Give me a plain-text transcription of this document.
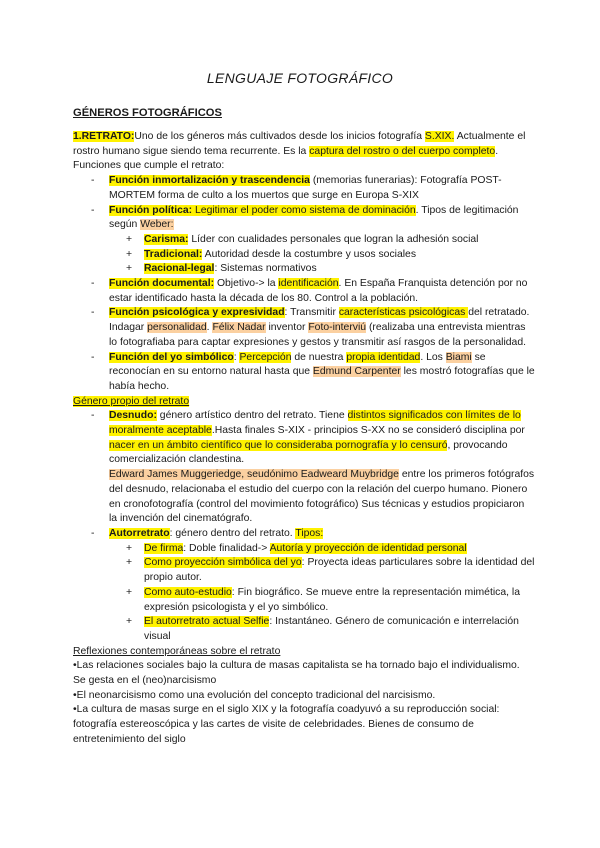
LENGUAJE FOTOGRÁFICO
GÉNEROS FOTOGRÁFICOS

1.RETRATO:Uno de los géneros más cultivados desde los inicios fotografía S.XIX. Actualmente el rostro humano sigue siendo tema recurrente. Es la captura del rostro o del cuerpo completo. Funciones que cumple el retrato:

- Función inmortalización y trascendencia (memorias funerarias): Fotografía POST-MORTEM forma de culto a los muertos que surge en Europa S-XIX
- Función política: Legitimar el poder como sistema de dominación. Tipos de legitimación según Weber:
+ Carisma: Líder con cualidades personales que logran la adhesión social
+ Tradicional: Autoridad desde la costumbre y usos sociales
+ Racional-legal: Sistemas normativos
- Función documental: Objetivo-> la identificación. En España Franquista detención por no estar identificado hasta la década de los 80. Control a la población.
- Función psicológica y expresividad: Transmitir características psicológicas del retratado. Indagar personalidad. Félix Nadar inventor Foto-interviú (realizaba una entrevista mientras lo fotografiaba para captar expresiones y gestos y transmitir así rasgos de la personalidad.
- Función del yo simbólico: Percepción de nuestra propia identidad. Los Biami se reconocían en su entorno natural hasta que Edmund Carpenter les mostró fotografías que le había hecho.

Género propio del retrato

- Desnudo: género artístico dentro del retrato. Tiene distintos significados con límites de lo moralmente aceptable.Hasta finales S-XIX - principios S-XX no se consideró disciplina por nacer en un ámbito científico que lo consideraba pornografía y lo censuró, provocando comercialización clandestina.
Edward James Muggeriedge, seudónimo Eadweard Muybridge entre los primeros fotógrafos del desnudo, relacionaba el estudio del cuerpo con la relación del cuerpo humano. Pionero en cronofotografía (control del movimiento fotográfico) Sus técnicas y estudios propiciaron la invención del cinematógrafo.
- Autorretrato: género dentro del retrato. Tipos:
+ De firma: Doble finalidad-> Autoría y proyección de identidad personal
+ Como proyección simbólica del yo: Proyecta ideas particulares sobre la identidad del propio autor.
+ Como auto-estudio: Fin biográfico. Se mueve entre la representación mimética, la expresión psicologista y el yo simbólico.
+ El autorretrato actual Selfie: Instantáneo. Género de comunicación e interrelación visual

Reflexiones contemporáneas sobre el retrato

•Las relaciones sociales bajo la cultura de masas capitalista se ha tornado bajo el individualismo. Se gesta en el (neo)narcisismo

•El neonarcisismo como una evolución del concepto tradicional del narcisismo.

•La cultura de masas surge en el siglo XIX y la fotografía coadyuvó a su reproducción social: fotografía estereoscópica y las cartes de visite de celebridades. Bienes de consumo de entretenimiento del siglo
